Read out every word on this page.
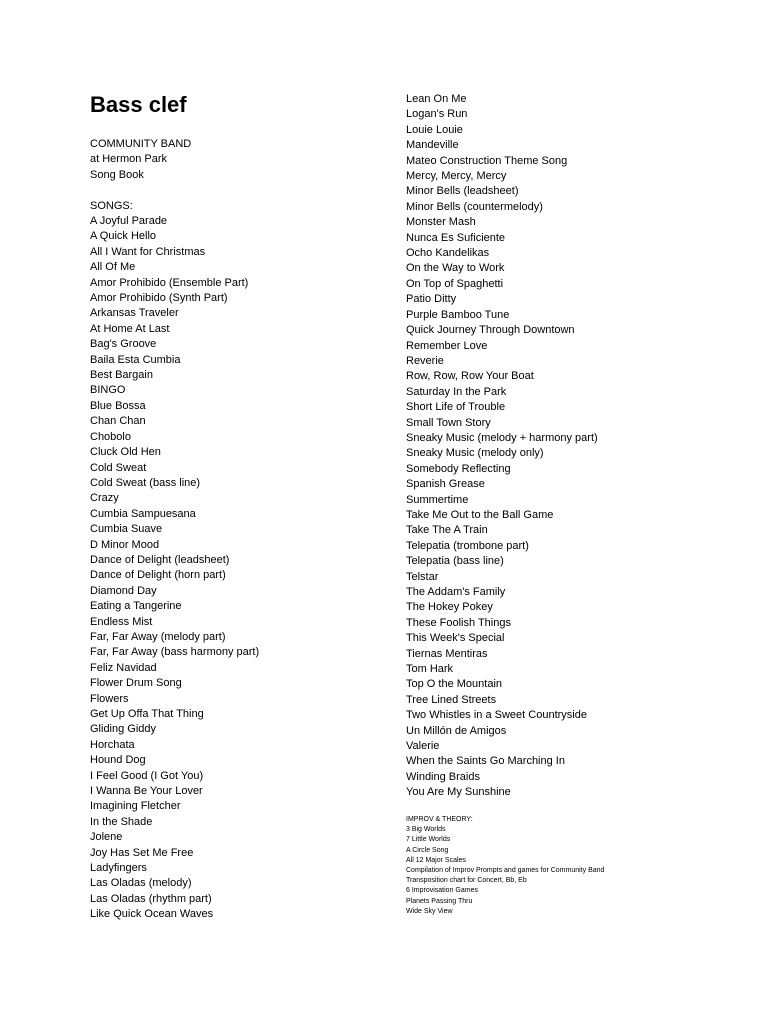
Bass clef
COMMUNITY BAND
at Hermon Park
Song Book
SONGS:
A Joyful Parade
A Quick Hello
All I Want for Christmas
All Of Me
Amor Prohibido (Ensemble Part)
Amor Prohibido (Synth Part)
Arkansas Traveler
At Home At Last
Bag's Groove
Baila Esta Cumbia
Best Bargain
BINGO
Blue Bossa
Chan Chan
Chobolo
Cluck Old Hen
Cold Sweat
Cold Sweat (bass line)
Crazy
Cumbia Sampuesana
Cumbia Suave
D Minor Mood
Dance of Delight (leadsheet)
Dance of Delight (horn part)
Diamond Day
Eating a Tangerine
Endless Mist
Far, Far Away (melody part)
Far, Far Away (bass harmony part)
Feliz Navidad
Flower Drum Song
Flowers
Get Up Offa That Thing
Gliding Giddy
Horchata
Hound Dog
I Feel Good (I Got You)
I Wanna Be Your Lover
Imagining Fletcher
In the Shade
Jolene
Joy Has Set Me Free
Ladyfingers
Las Oladas (melody)
Las Oladas (rhythm part)
Like Quick Ocean Waves
Lean On Me
Logan's Run
Louie Louie
Mandeville
Mateo Construction Theme Song
Mercy, Mercy, Mercy
Minor Bells (leadsheet)
Minor Bells (countermelody)
Monster Mash
Nunca Es Suficiente
Ocho Kandelikas
On the Way to Work
On Top of Spaghetti
Patio Ditty
Purple Bamboo Tune
Quick Journey Through Downtown
Remember Love
Reverie
Row, Row, Row Your Boat
Saturday In the Park
Short Life of Trouble
Small Town Story
Sneaky Music (melody + harmony part)
Sneaky Music (melody only)
Somebody Reflecting
Spanish Grease
Summertime
Take Me Out to the Ball Game
Take The A Train
Telepatia (trombone part)
Telepatia (bass line)
Telstar
The Addam's Family
The Hokey Pokey
These Foolish Things
This Week's Special
Tiernas Mentiras
Tom Hark
Top O the Mountain
Tree Lined Streets
Two Whistles in a Sweet Countryside
Un Millón de Amigos
Valerie
When the Saints Go Marching In
Winding Braids
You Are My Sunshine
IMPROV & THEORY:
3 Big Worlds
7 Little Worlds
A Circle Song
All 12 Major Scales
Compilation of Improv Prompts and games for Community Band
Transposition chart for Concert, Bb, Eb
6 Improvisation Games
Planets Passing Thru
Wide Sky View
